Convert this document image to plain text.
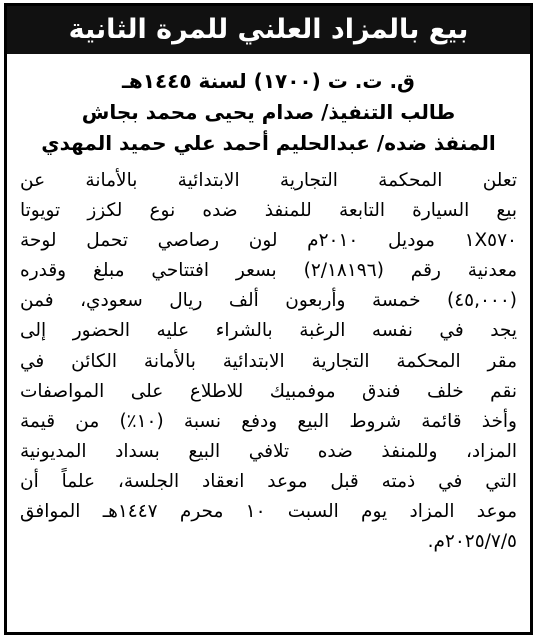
بيع بالمزاد العلني للمرة الثانية
ق. ت. ت (١٧٠٠) لسنة ١٤٤٥هـ
طالب التنفيذ/ صدام يحيى محمد بجاش
المنفذ ضده/ عبدالحليم أحمد علي حميد المهدي
تعلن المحكمة التجارية الابتدائية بالأمانة عن
بيع السيارة التابعة للمنفذ ضده نوع لكزز تويوتا
١X٥٧٠ موديل ٢٠١٠م لون رصاصي تحمل لوحة
معدنية رقم (٢/١٨١٩٦) بسعر افتتاحي مبلغ وقدره
(٤٥,٠٠٠) خمسة وأربعون ألف ريال سعودي، فمن
يجد في نفسه الرغبة بالشراء عليه الحضور إلى
مقر المحكمة التجارية الابتدائية بالأمانة الكائن في
نقم خلف فندق موفمبيك للاطلاع على المواصفات
وأخذ قائمة شروط البيع ودفع نسبة (١٠٪) من قيمة
المزاد، وللمنفذ ضده تلافي البيع بسداد المديونية
التي في ذمته قبل موعد انعقاد الجلسة، علماً أن
موعد المزاد يوم السبت ١٠ محرم ١٤٤٧هـ الموافق
٢٠٢٥/٧/٥م.
